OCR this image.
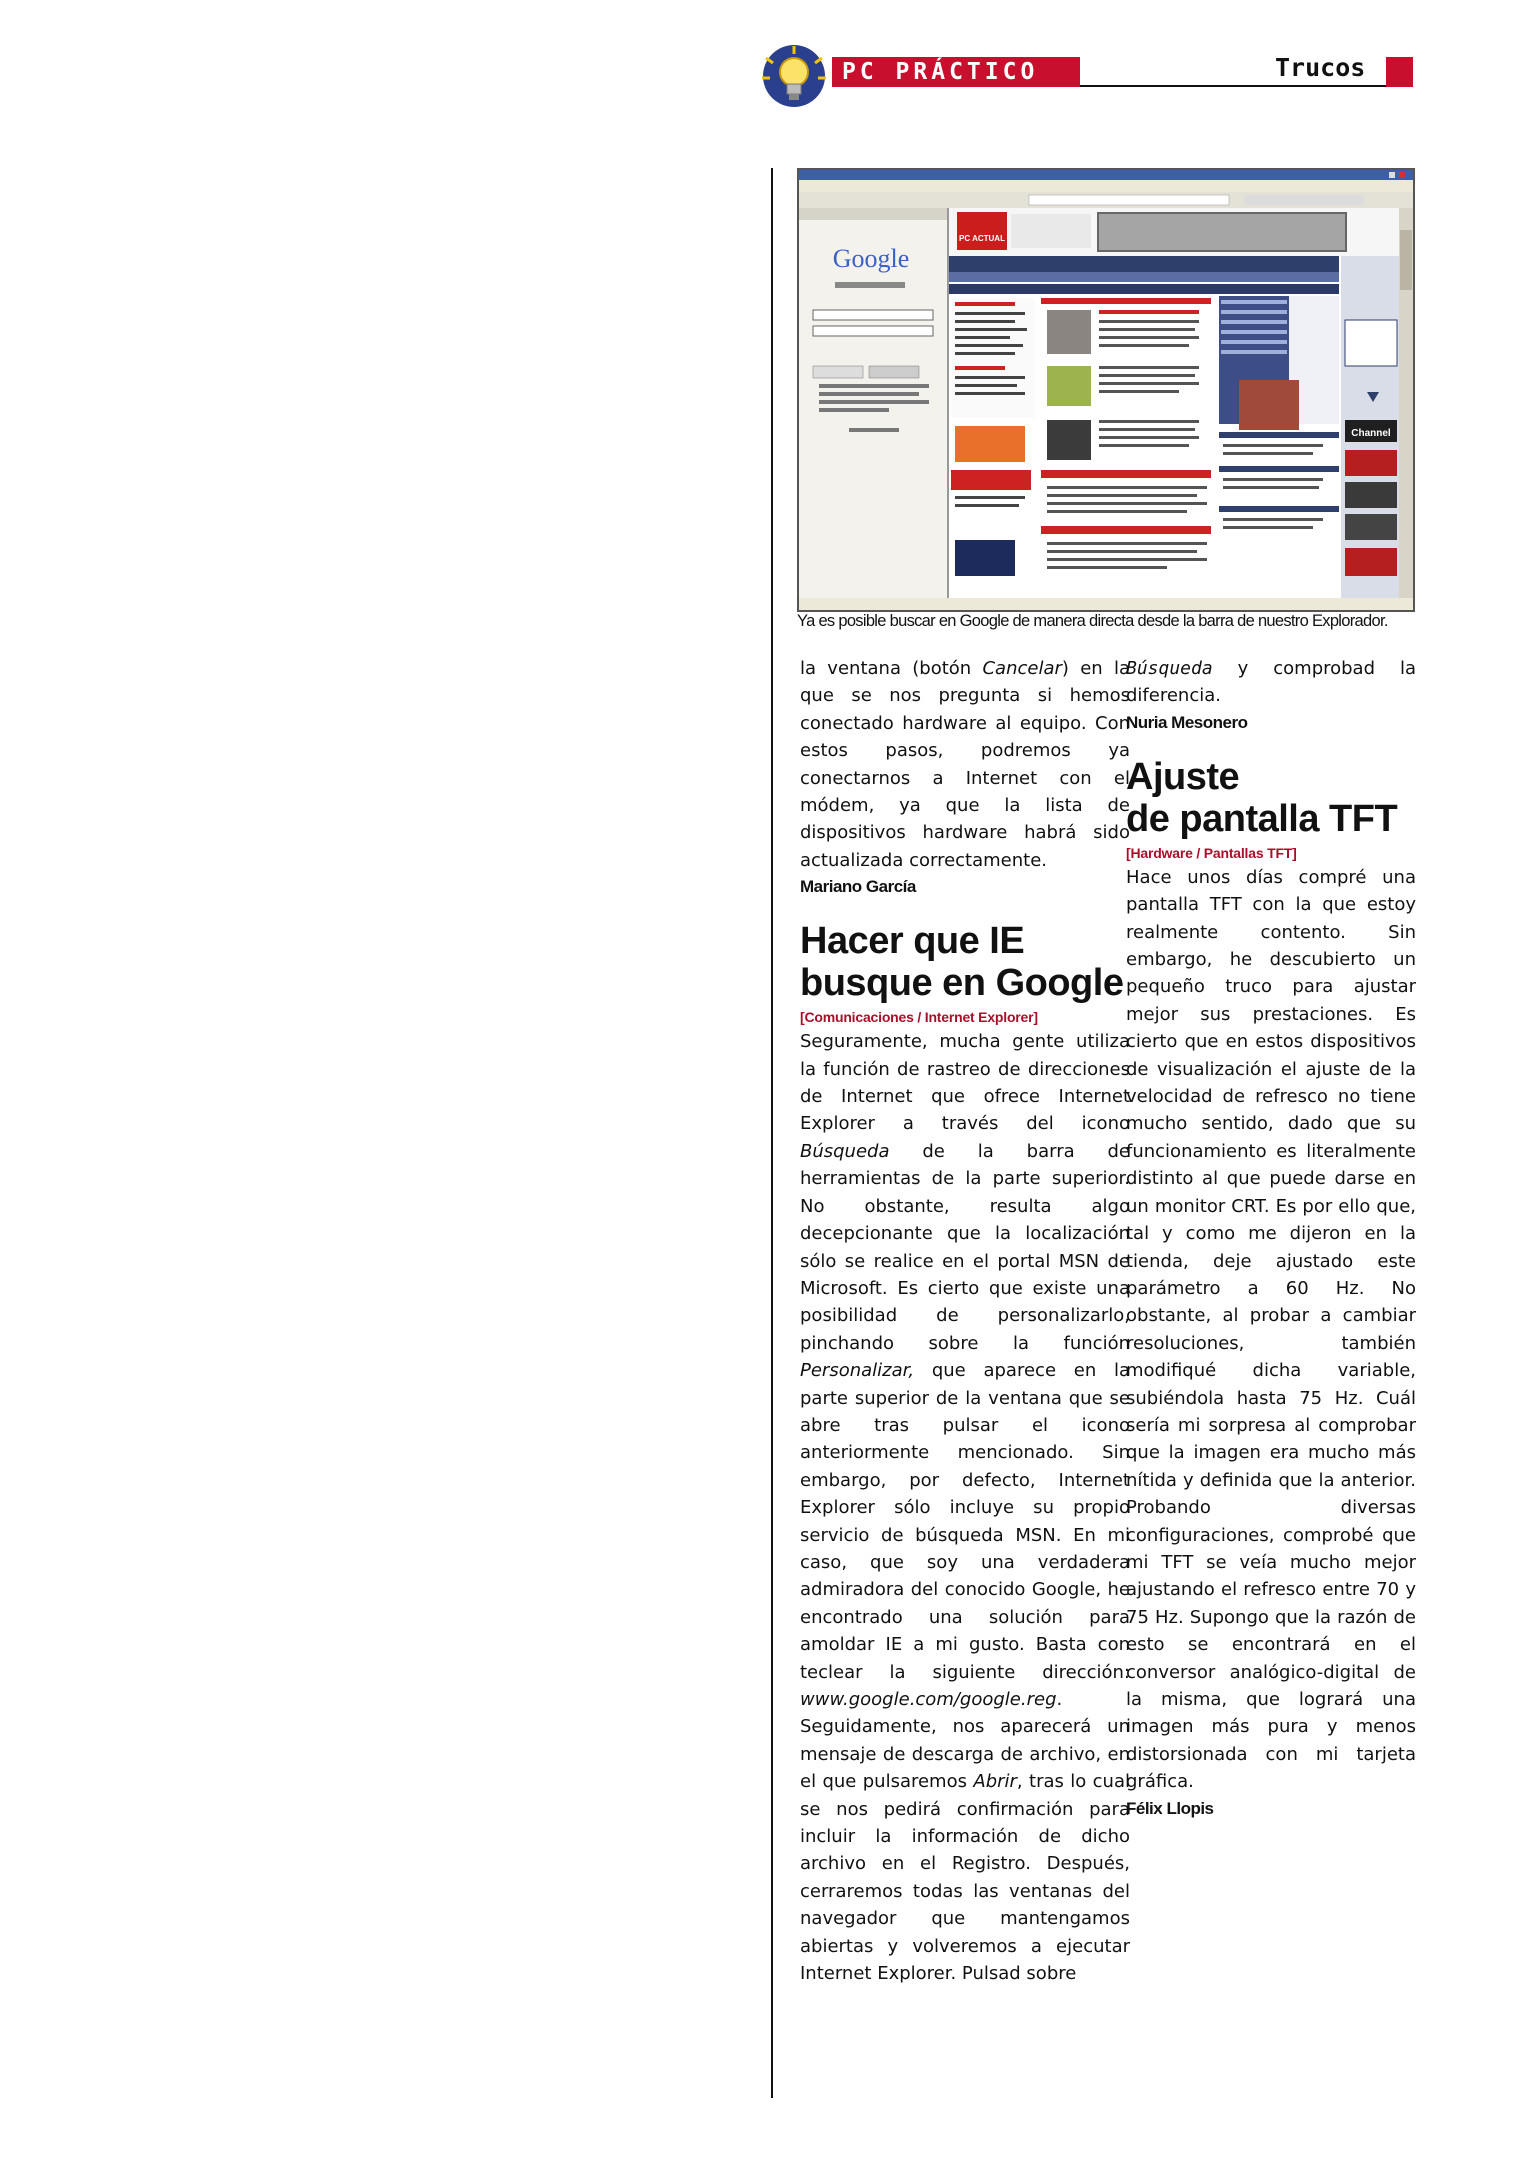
PC PRÁCTICO	Trucos
Google
PC ACTUAL
Channel
Ya es posible buscar en Google de manera directa desde la barra de nuestro Explorador.

la ventana (botón Cancelar) en la que se nos pregunta si hemos conectado hardware al equipo. Con estos pasos, podremos ya conectarnos a Internet con el módem, ya que la lista de dispositivos hardware habrá sido actualizada correctamente.

Mariano García
Hacer que IE
busque en Google
[Comunicaciones / Internet Explorer]

Seguramente, mucha gente utiliza la función de rastreo de direcciones de Internet que ofrece Internet Explorer a través del icono Búsqueda de la barra de herramientas de la parte superior. No obstante, resulta algo decepcionante que la localización sólo se realice en el portal MSN de Microsoft. Es cierto que existe una posibilidad de personalizarlo, pinchando sobre la función Personalizar, que aparece en la parte superior de la ventana que se abre tras pulsar el icono anteriormente mencionado. Sin embargo, por defecto, Internet Explorer sólo incluye su propio servicio de búsqueda MSN. En mi caso, que soy una verdadera admiradora del conocido Google, he encontrado una solución para amoldar IE a mi gusto. Basta con teclear la siguiente dirección: www.google.com/google.reg. Seguidamente, nos aparecerá un mensaje de descarga de archivo, en el que pulsaremos Abrir, tras lo cual se nos pedirá confirmación para incluir la información de dicho archivo en el Registro. Después, cerraremos todas las ventanas del navegador que mantengamos abiertas y volveremos a ejecutar Internet Explorer. Pulsad sobre

Búsqueda y comprobad la diferencia.

Nuria Mesonero
Ajuste
de pantalla TFT
[Hardware / Pantallas TFT]

Hace unos días compré una pantalla TFT con la que estoy realmente contento. Sin embargo, he descubierto un pequeño truco para ajustar mejor sus prestaciones. Es cierto que en estos dispositivos de visualización el ajuste de la velocidad de refresco no tiene mucho sentido, dado que su funcionamiento es literalmente distinto al que puede darse en un monitor CRT. Es por ello que, tal y como me dijeron en la tienda, deje ajustado este parámetro a 60 Hz. No obstante, al probar a cambiar resoluciones, también modifiqué dicha variable, subiéndola hasta 75 Hz. Cuál sería mi sorpresa al comprobar que la imagen era mucho más nítida y definida que la anterior. Probando diversas configuraciones, comprobé que mi TFT se veía mucho mejor ajustando el refresco entre 70 y 75 Hz. Supongo que la razón de esto se encontrará en el conversor analógico-digital de la misma, que logrará una imagen más pura y menos distorsionada con mi tarjeta gráfica.

Félix Llopis
